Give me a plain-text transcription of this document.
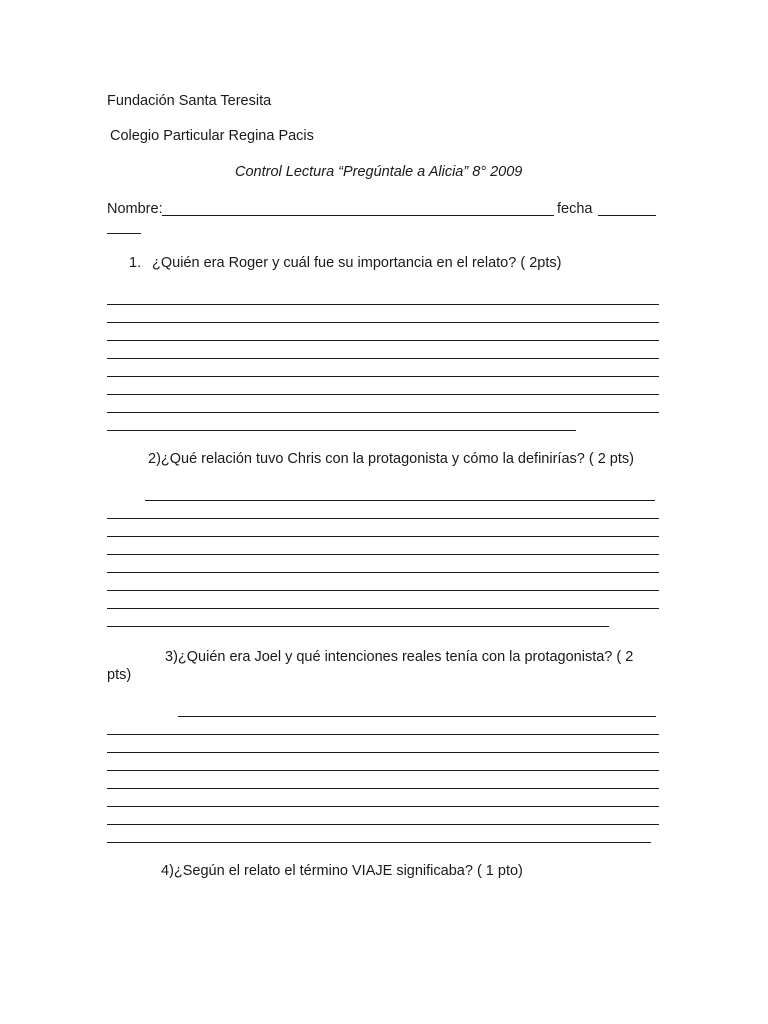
Fundación Santa Teresita
Colegio Particular Regina Pacis
Control Lectura “Pregúntale a Alicia” 8° 2009
Nombre:	fecha
1. ¿Quién era Roger y cuál fue su importancia en el relato? ( 2pts)
2)¿Qué relación tuvo Chris con la protagonista y cómo la definirías? ( 2 pts)
3)¿Quién era Joel y qué intenciones reales tenía con la protagonista? ( 2
pts)
4)¿Según el relato el término VIAJE significaba? ( 1 pto)
